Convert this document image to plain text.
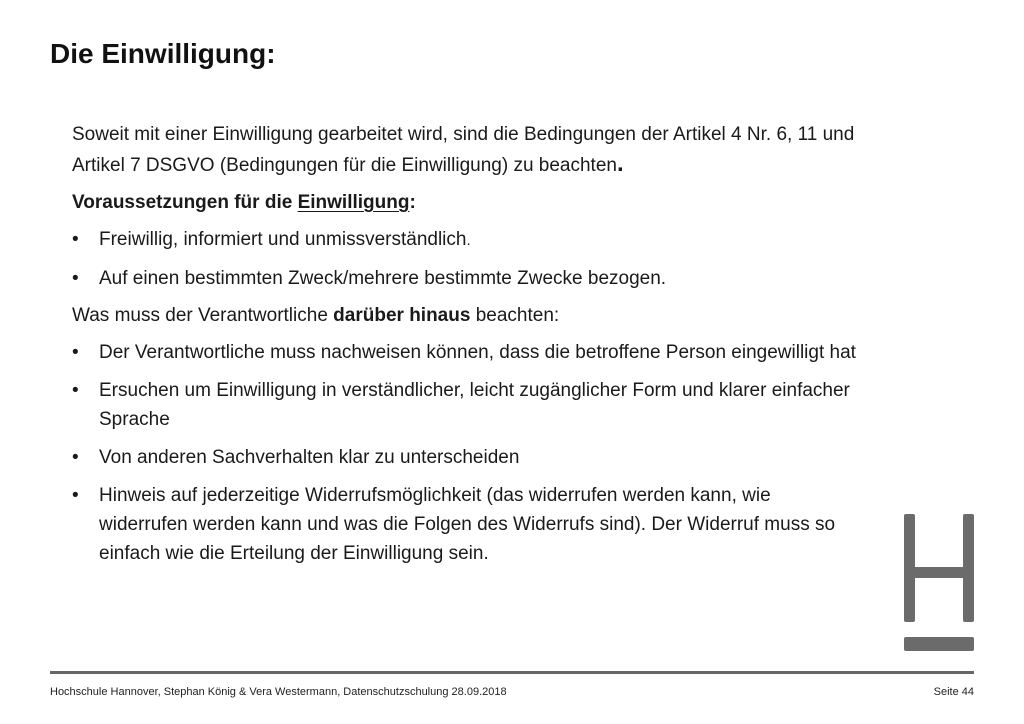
Die Einwilligung:

Soweit mit einer Einwilligung gearbeitet wird, sind die Bedingungen der Artikel 4 Nr. 6, 11 und Artikel 7 DSGVO (Bedingungen für die Einwilligung) zu beachten.

Voraussetzungen für die Einwilligung:

• Freiwillig, informiert und unmissverständlich.
• Auf einen bestimmten Zweck/mehrere bestimmte Zwecke bezogen.

Was muss der Verantwortliche darüber hinaus beachten:

• Der Verantwortliche muss nachweisen können, dass die betroffene Person eingewilligt hat
• Ersuchen um Einwilligung in verständlicher, leicht zugänglicher Form und klarer einfacher Sprache
• Von anderen Sachverhalten klar zu unterscheiden
• Hinweis auf jederzeitige Widerrufsmöglichkeit (das widerrufen werden kann, wie widerrufen werden kann und was die Folgen des Widerrufs sind). Der Widerruf muss so einfach wie die Erteilung der Einwilligung sein.
Hochschule Hannover, Stephan König & Vera Westermann, Datenschutzschulung 28.09.2018	Seite 44
